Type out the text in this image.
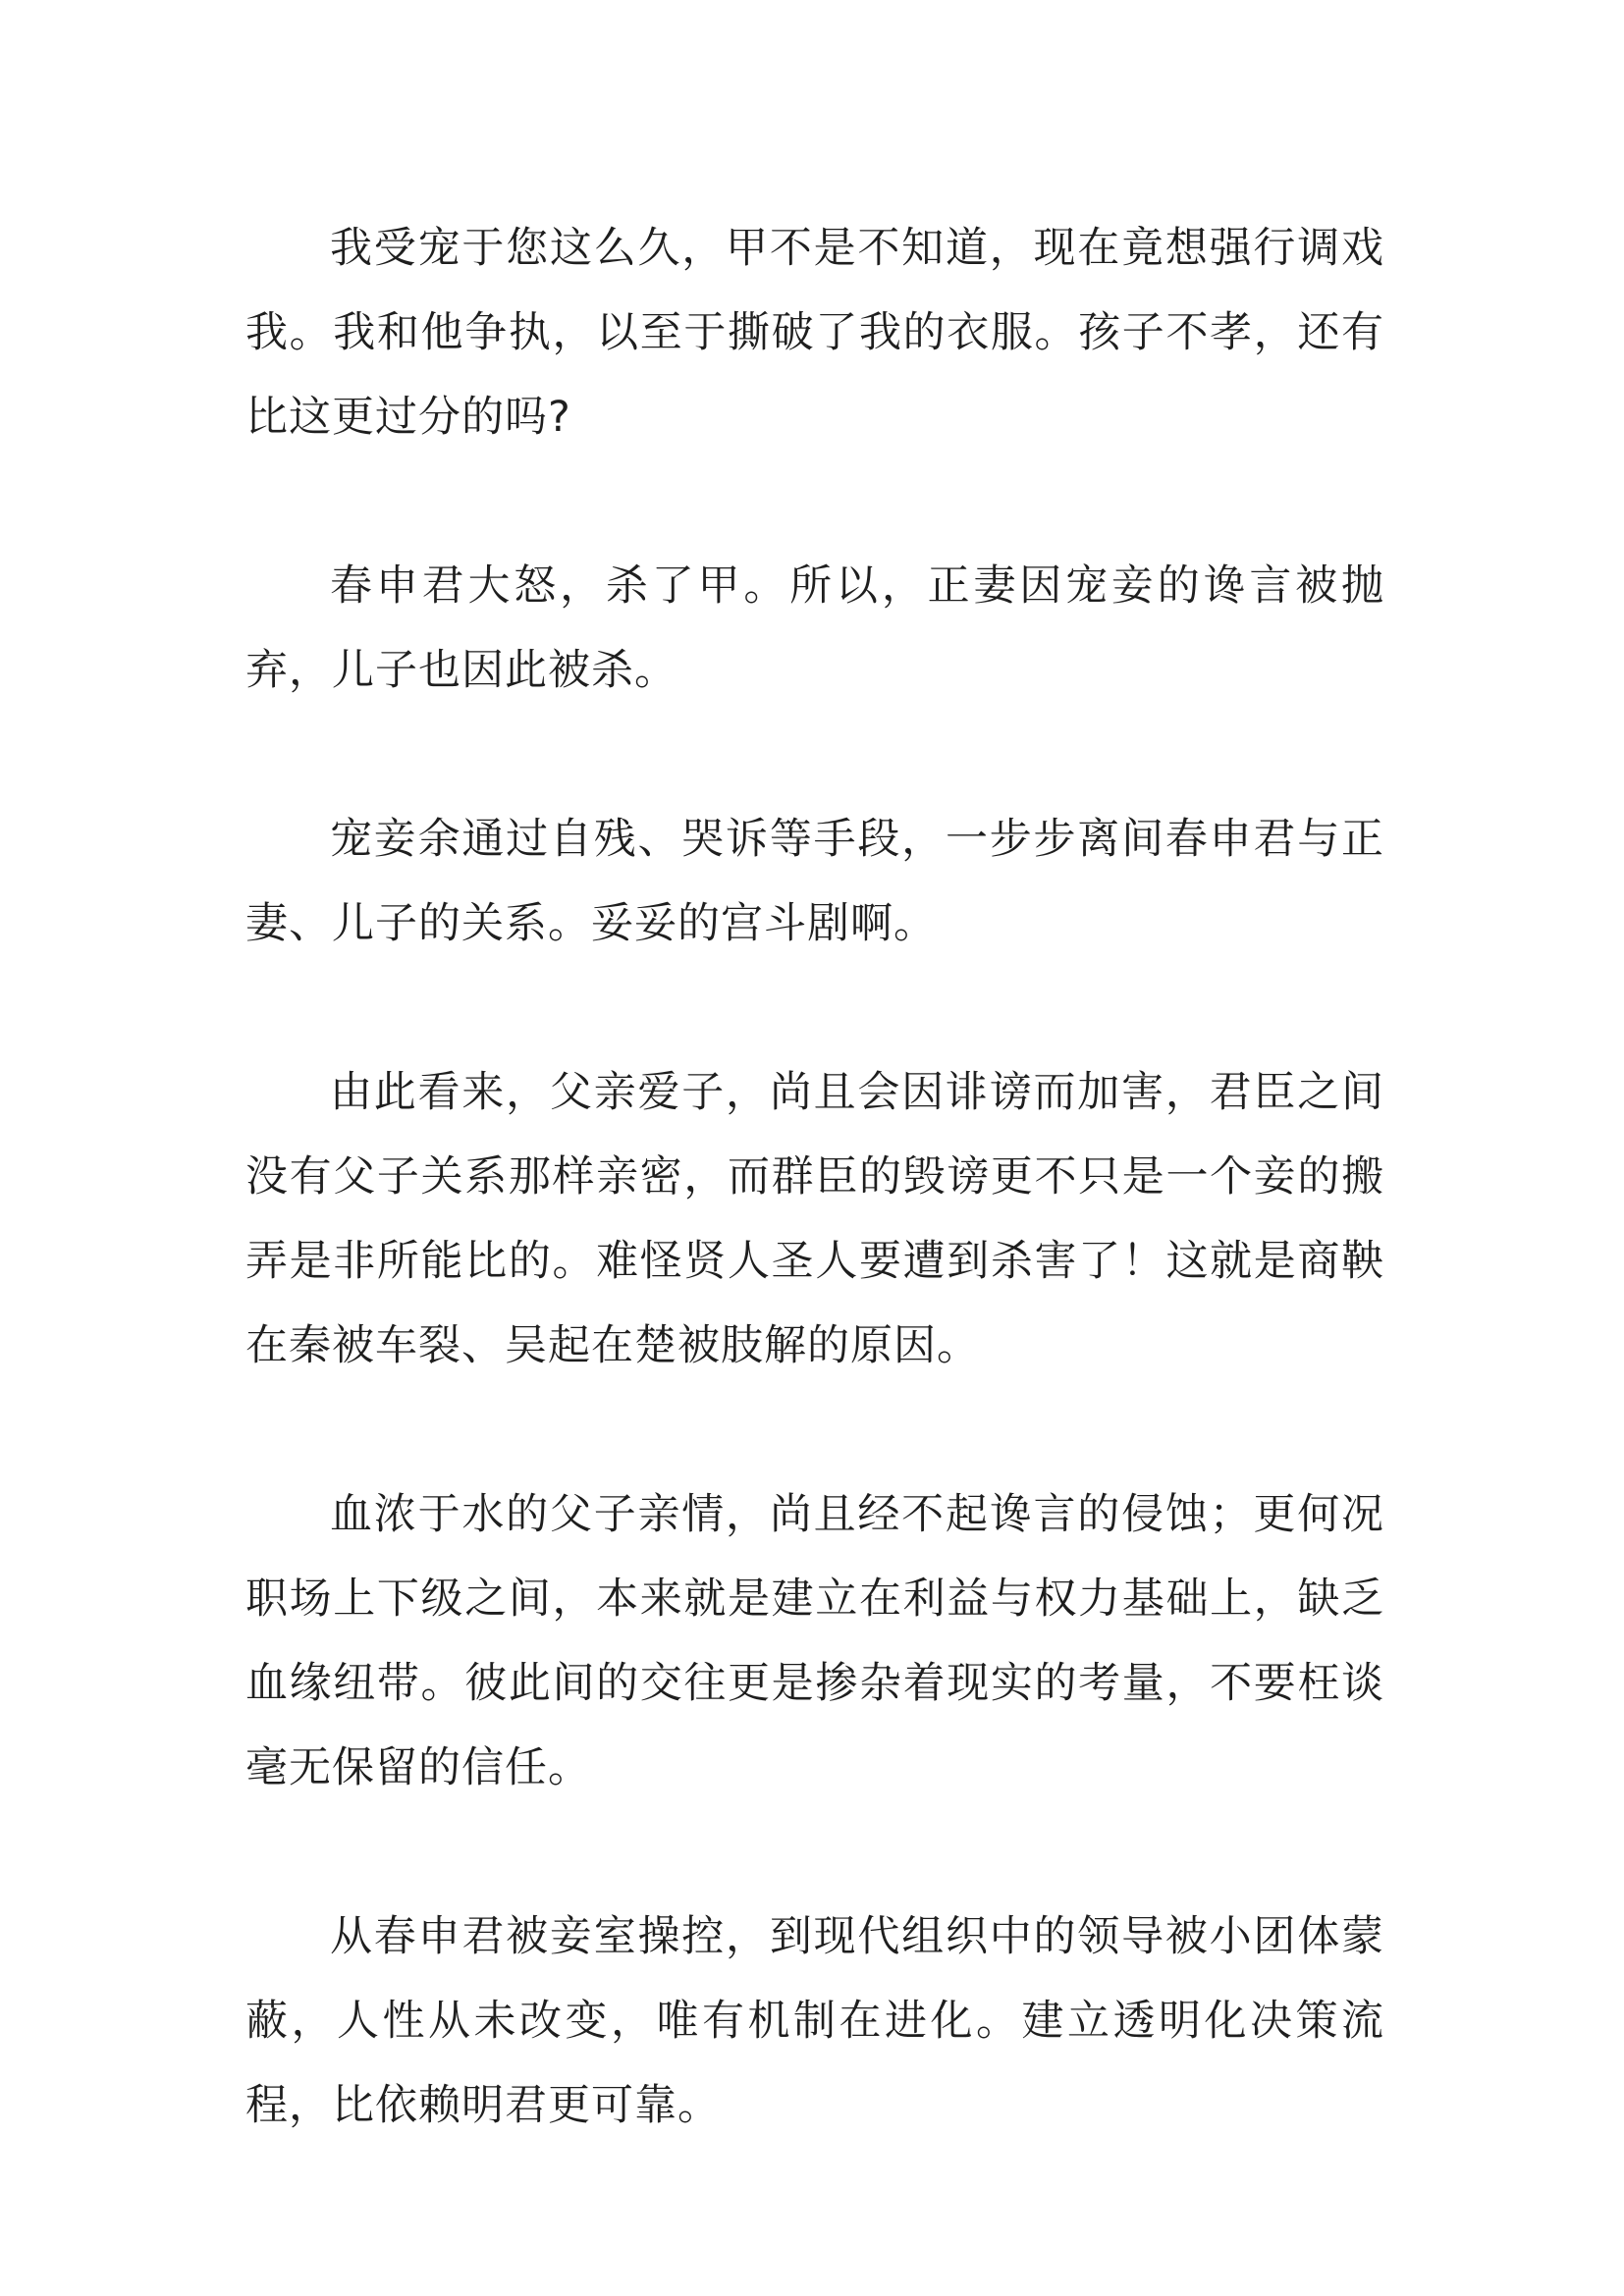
我受宠于您这么久，甲不是不知道，现在竟想强行调戏我。我和他争执，以至于撕破了我的衣服。孩子不孝，还有比这更过分的吗?

春申君大怒，杀了甲。所以，正妻因宠妾的谗言被抛弃，儿子也因此被杀。

宠妾余通过自残、哭诉等手段，一步步离间春申君与正妻、儿子的关系。妥妥的宫斗剧啊。

由此看来，父亲爱子，尚且会因诽谤而加害，君臣之间没有父子关系那样亲密，而群臣的毁谤更不只是一个妾的搬弄是非所能比的。难怪贤人圣人要遭到杀害了！这就是商鞅在秦被车裂、吴起在楚被肢解的原因。

血浓于水的父子亲情，尚且经不起谗言的侵蚀；更何况职场上下级之间，本来就是建立在利益与权力基础上，缺乏血缘纽带。彼此间的交往更是掺杂着现实的考量，不要枉谈毫无保留的信任。

从春申君被妾室操控，到现代组织中的领导被小团体蒙蔽，人性从未改变，唯有机制在进化。建立透明化决策流程，比依赖明君更可靠。
